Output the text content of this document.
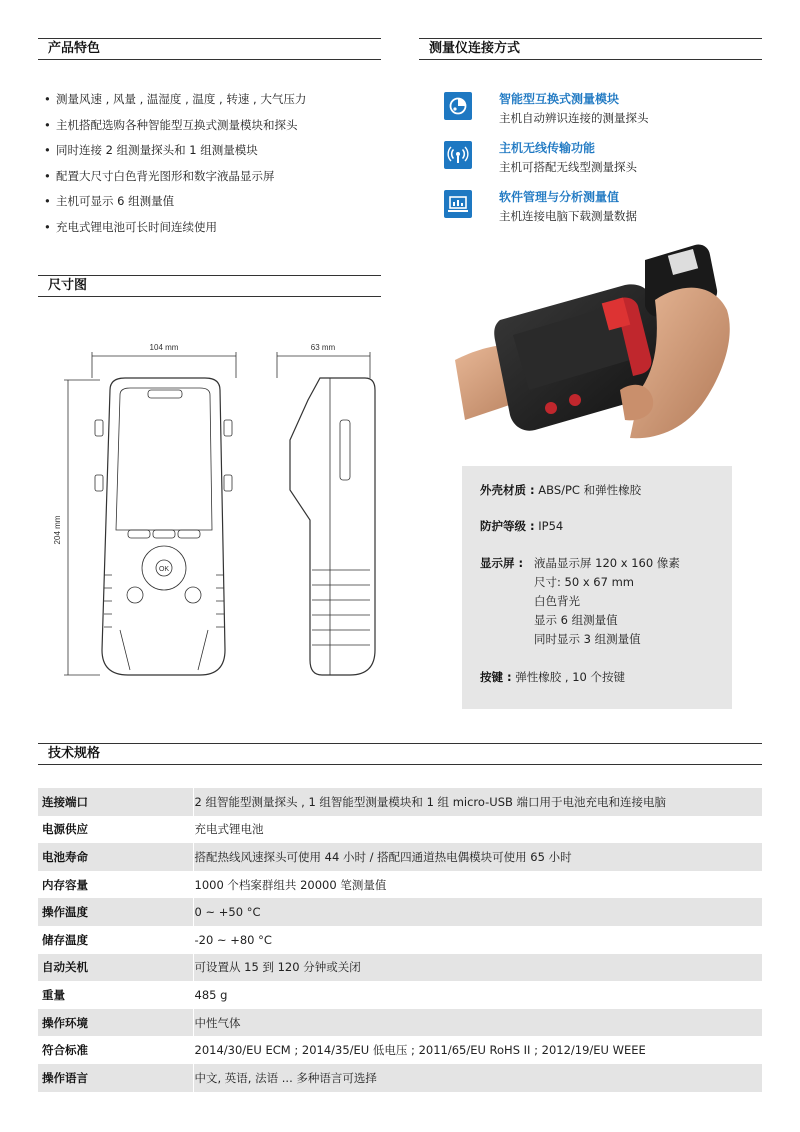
产品特色	测量仪连接方式
尺寸图
技术规格
• 测量风速 , 风量 , 温湿度 , 温度 , 转速 , 大气压力
• 主机搭配选购各种智能型互换式测量模块和探头
• 同时连接 2 组测量探头和 1 组测量模块
• 配置大尺寸白色背光图形和数字液晶显示屏
• 主机可显示 6 组测量值
• 充电式锂电池可长时间连续使用
智能型互换式测量模块
主机自动辨识连接的测量探头
主机无线传输功能
主机可搭配无线型测量探头
软件管理与分析测量值
主机连接电脑下载测量数据
外壳材质 : ABS/PC 和弹性橡胶
防护等级 : IP54
显示屏 : 液晶显示屏 120 x 160 像素
尺寸: 50 x 67 mm
白色背光
显示 6 组测量值
同时显示 3 组测量值
按键 : 弹性橡胶 , 10 个按键
104 mm	63 mm
204 mm
OK
连接端口	2 组智能型测量探头 , 1 组智能型测量模块和 1 组 micro-USB 端口用于电池充电和连接电脑
电源供应	充电式锂电池
电池寿命	搭配热线风速探头可使用 44 小时 / 搭配四通道热电偶模块可使用 65 小时
内存容量	1000 个档案群组共 20000 笔测量值
操作温度	0 ~ +50 °C
储存温度	-20 ~ +80 °C
自动关机	可设置从 15 到 120 分钟或关闭
重量	485 g
操作环境	中性气体
符合标准	2014/30/EU ECM ; 2014/35/EU 低电压 ; 2011/65/EU RoHS II ; 2012/19/EU WEEE
操作语言	中文, 英语, 法语 ... 多种语言可选择
